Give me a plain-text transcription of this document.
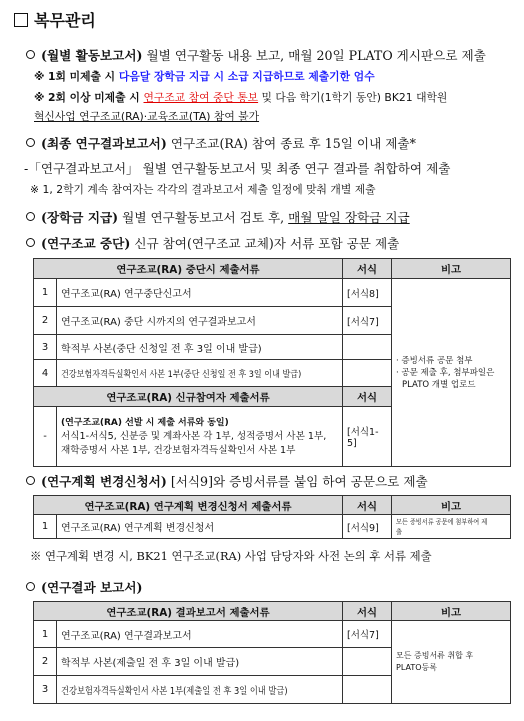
복무관리
(월별 활동보고서) 월별 연구활동 내용 보고, 매월 20일 PLATO 게시판으로 제출
※ 1회 미제출 시 다음달 장학금 지급 시 소급 지급하므로 제출기한 엄수
※ 2회 이상 미제출 시 연구조교 참여 중단 통보 및 다음 학기(1학기 동안) BK21 대학원
혁신사업 연구조교(RA)·교육조교(TA) 참여 불가
(최종 연구결과보고서) 연구조교(RA) 참여 종료 후 15일 이내 제출*
-「연구결과보고서」 월별 연구활동보고서 및 최종 연구 결과를 취합하여 제출
※ 1, 2학기 계속 참여자는 각각의 결과보고서 제출 일정에 맞춰 개별 제출
(장학금 지급) 월별 연구활동보고서 검토 후, 매월 말일 장학금 지급
(연구조교 중단) 신규 참여(연구조교 교체)자 서류 포함 공문 제출
연구조교(RA) 중단시 제출서류		서식	비고
1	연구조교(RA) 연구중단신고서	[서식8]	· 증빙서류 공문 첨부
· 공문 제출 후, 첨부파일은
PLATO 개별 업로드

2	연구조교(RA) 중단 시까지의 연구결과보고서	[서식7]	
3	학적부 사본(중단 신청일 전 후 3일 이내 발급)		
4	건강보험자격득실확인서 사본 1부(중단 신청일 전 후 3일 이내 발급)		
연구조교(RA) 신규참여자 제출서류		서식	
-	(연구조교(RA) 선발 시 제출 서류와 동일)
서식1-서식5, 신분증 및 계좌사본 각 1부, 성적증명서 사본 1부,
재학증명서 사본 1부, 건강보험자격득실확인서 사본 1부	[서식1-5]	
(연구계획 변경신청서) [서식9]와 증빙서류를 붙임 하여 공문으로 제출
연구조교(RA) 연구계획 변경신청서 제출서류		서식	비고
1	연구조교(RA) 연구계획 변경신청서	[서식9]	모든 증빙서류 공문에 첨부하여 제출
※ 연구계획 변경 시, BK21 연구조교(RA) 사업 담당자와 사전 논의 후 서류 제출
(연구결과 보고서)
연구조교(RA) 결과보고서 제출서류		서식	비고
1	연구조교(RA) 연구결과보고서	[서식7]	모든 증빙서류 취합 후
PLATO등록

2	학적부 사본(제출일 전 후 3일 이내 발급)		
3	건강보험자격득실확인서 사본 1부(제출일 전 후 3일 이내 발급)		
